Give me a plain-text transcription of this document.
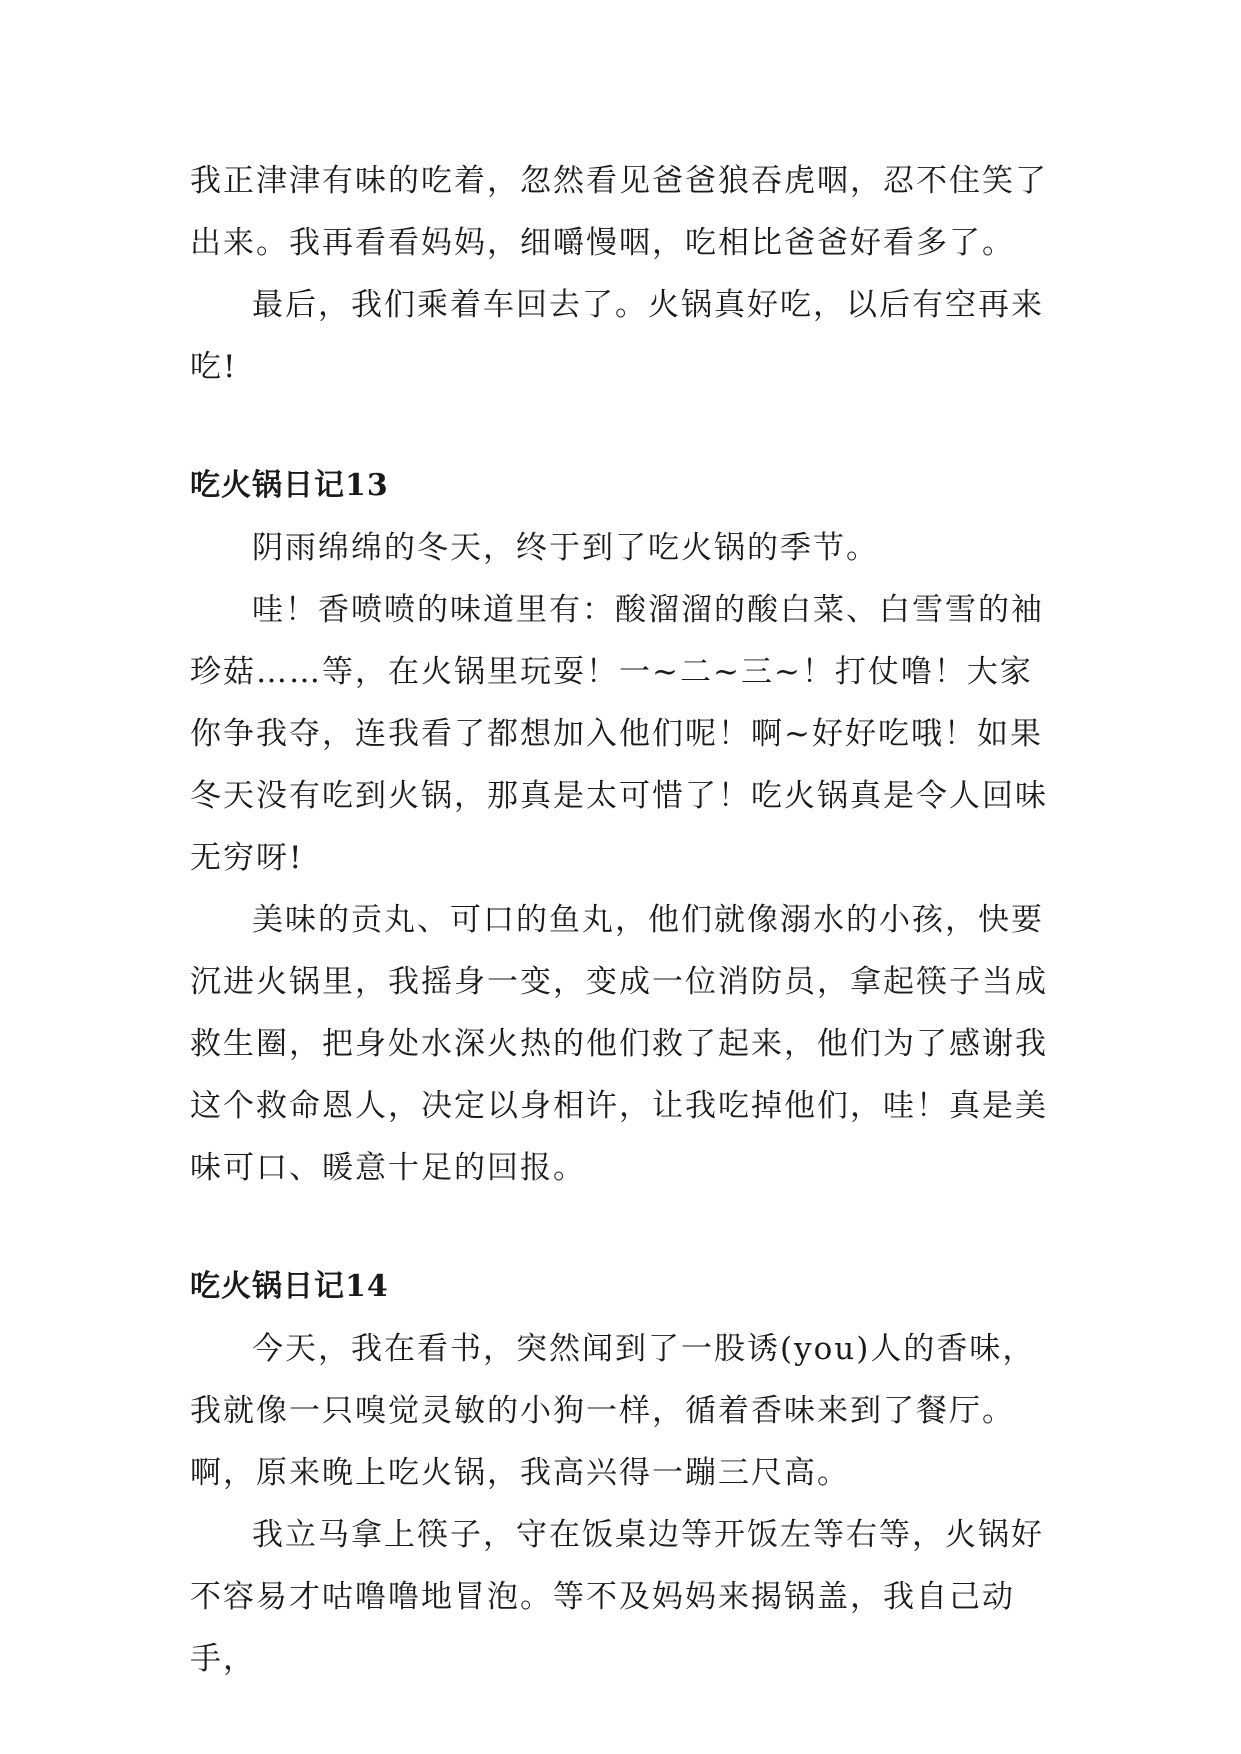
我正津津有味的吃着，忽然看见爸爸狼吞虎咽，忍不住笑了出来。我再看看妈妈，细嚼慢咽，吃相比爸爸好看多了。

最后，我们乘着车回去了。火锅真好吃，以后有空再来吃!

吃火锅日记13

阴雨绵绵的冬天，终于到了吃火锅的季节。

哇！香喷喷的味道里有：酸溜溜的酸白菜、白雪雪的袖珍菇……等，在火锅里玩耍！一~二~三~！打仗噜！大家你争我夺，连我看了都想加入他们呢！啊~好好吃哦！如果冬天没有吃到火锅，那真是太可惜了！吃火锅真是令人回味无穷呀!

美味的贡丸、可口的鱼丸，他们就像溺水的小孩，快要沉进火锅里，我摇身一变，变成一位消防员，拿起筷子当成救生圈，把身处水深火热的他们救了起来，他们为了感谢我这个救命恩人，决定以身相许，让我吃掉他们，哇！真是美味可口、暖意十足的回报。

吃火锅日记14

今天，我在看书，突然闻到了一股诱(you)人的香味，我就像一只嗅觉灵敏的小狗一样，循着香味来到了餐厅。啊，原来晚上吃火锅，我高兴得一蹦三尺高。

我立马拿上筷子，守在饭桌边等开饭左等右等，火锅好不容易才咕噜噜地冒泡。等不及妈妈来揭锅盖，我自己动手，
